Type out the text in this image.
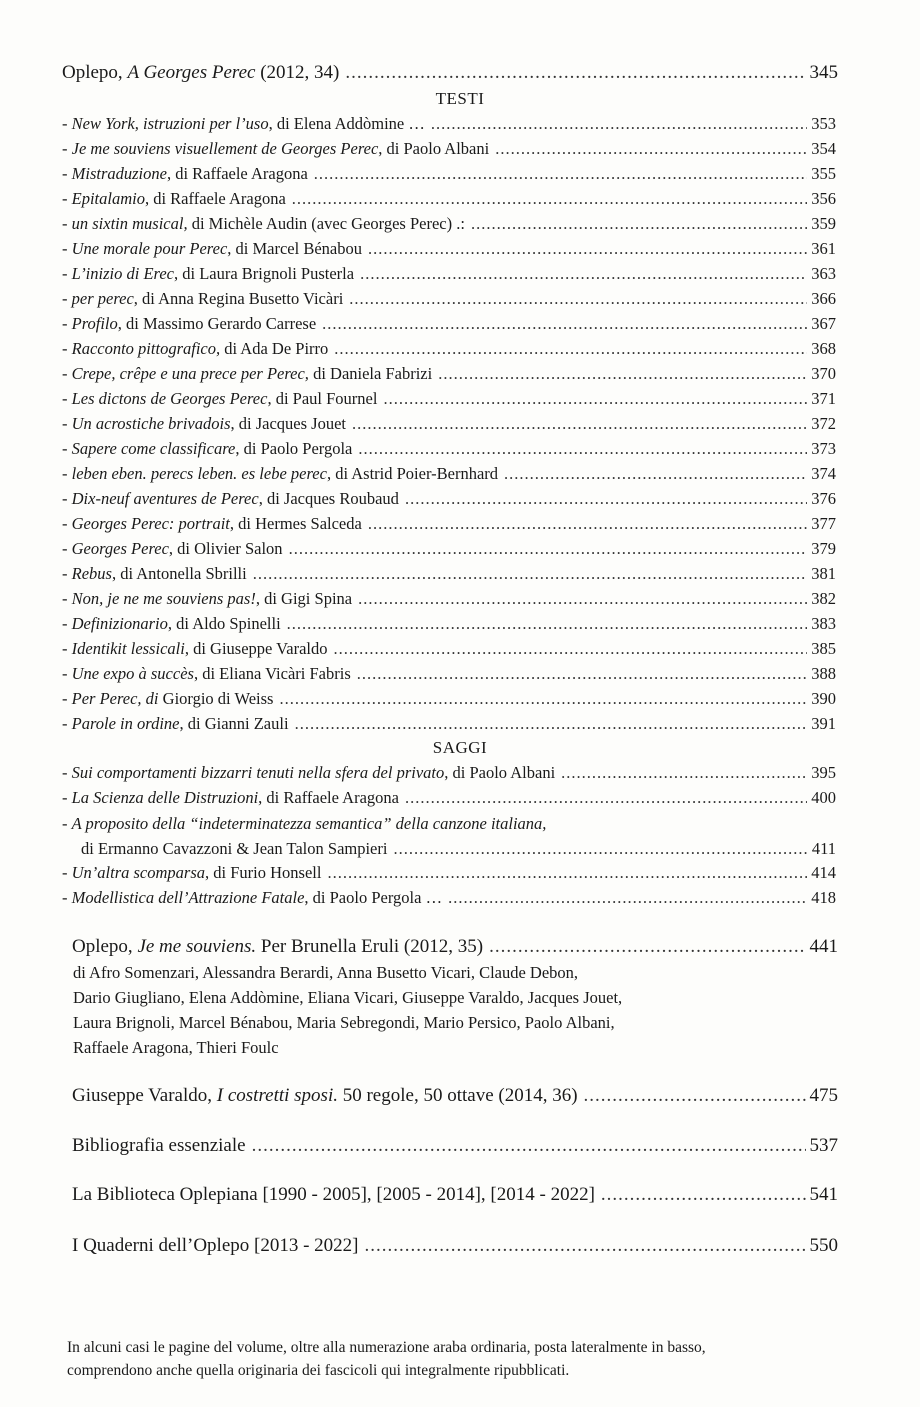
Oplepo, A Georges Perec (2012, 34) .....	345
TESTI
- New York, istruzioni per l’uso, di Elena Addòmine … .....	353
- Je me souviens visuellement de Georges Perec, di Paolo Albani .....	354
- Mistraduzione, di Raffaele Aragona .....	355
- Epitalamio, di Raffaele Aragona .....	356
- un sixtin musical, di Michèle Audin (avec Georges Perec) .: .....	359
- Une morale pour Perec, di Marcel Bénabou .....	361
- L’inizio di Erec, di Laura Brignoli Pusterla .....	363
- per perec, di Anna Regina Busetto Vicàri .....	366
- Profilo, di Massimo Gerardo Carrese .....	367
- Racconto pittografico, di Ada De Pirro .....	368
- Crepe, crêpe e una prece per Perec, di Daniela Fabrizi .....	370
- Les dictons de Georges Perec, di Paul Fournel .....	371
- Un acrostiche brivadois, di Jacques Jouet .....	372
- Sapere come classificare, di Paolo Pergola .....	373
- leben eben. perecs leben. es lebe perec, di Astrid Poier-Bernhard .....	374
- Dix-neuf aventures de Perec, di Jacques Roubaud .....	376
- Georges Perec: portrait, di Hermes Salceda .....	377
- Georges Perec, di Olivier Salon .....	379
- Rebus, di Antonella Sbrilli .....	381
- Non, je ne me souviens pas!, di Gigi Spina .....	382
- Definizionario, di Aldo Spinelli .....	383
- Identikit lessicali, di Giuseppe Varaldo .....	385
- Une expo à succès, di Eliana Vicàri Fabris .....	388
- Per Perec, di Giorgio di Weiss .....	390
- Parole in ordine, di Gianni Zauli .....	391
SAGGI
- Sui comportamenti bizzarri tenuti nella sfera del privato, di Paolo Albani .....	395
- La Scienza delle Distruzioni, di Raffaele Aragona .....	400
- A proposito della “indeterminatezza semantica” della canzone italiana,
di Ermanno Cavazzoni & Jean Talon Sampieri .....	411
- Un’altra scomparsa, di Furio Honsell .....	414
- Modellistica dell’Attrazione Fatale, di Paolo Pergola … .....	418
Oplepo, Je me souviens. Per Brunella Eruli (2012, 35) .....	441
di Afro Somenzari, Alessandra Berardi, Anna Busetto Vicari, Claude Debon,
Dario Giugliano, Elena Addòmine, Eliana Vicari, Giuseppe Varaldo, Jacques Jouet,
Laura Brignoli, Marcel Bénabou, Maria Sebregondi, Mario Persico, Paolo Albani,
Raffaele Aragona, Thieri Foulc
Giuseppe Varaldo, I costretti sposi. 50 regole, 50 ottave (2014, 36) .....	475
Bibliografia essenziale .....	537
La Biblioteca Oplepiana [1990 - 2005], [2005 - 2014], [2014 - 2022] .....	541
I Quaderni dell’Oplepo [2013 - 2022] .....	550

In alcuni casi le pagine del volume, oltre alla numerazione araba ordinaria, posta lateralmente in basso,

comprendono anche quella originaria dei fascicoli qui integralmente ripubblicati.
